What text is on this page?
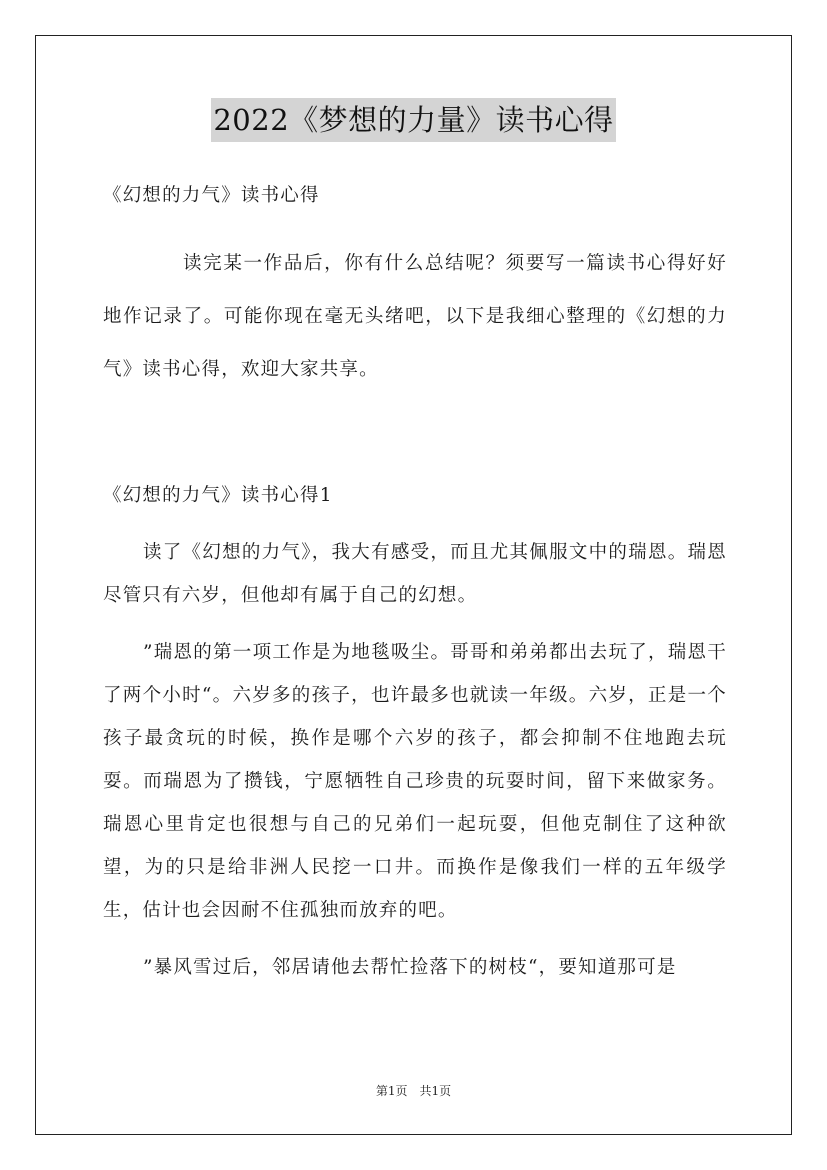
2022《梦想的力量》读书心得

《幻想的力气》读书心得

读完某一作品后，你有什么总结呢？须要写一篇读书心得好好地作记录了。可能你现在毫无头绪吧，以下是我细心整理的《幻想的力气》读书心得，欢迎大家共享。

《幻想的力气》读书心得1

读了《幻想的力气》，我大有感受，而且尤其佩服文中的瑞恩。瑞恩尽管只有六岁，但他却有属于自己的幻想。

”瑞恩的第一项工作是为地毯吸尘。哥哥和弟弟都出去玩了，瑞恩干了两个小时“。六岁多的孩子，也许最多也就读一年级。六岁，正是一个孩子最贪玩的时候，换作是哪个六岁的孩子，都会抑制不住地跑去玩耍。而瑞恩为了攒钱，宁愿牺牲自己珍贵的玩耍时间，留下来做家务。瑞恩心里肯定也很想与自己的兄弟们一起玩耍，但他克制住了这种欲望，为的只是给非洲人民挖一口井。而换作是像我们一样的五年级学生，估计也会因耐不住孤独而放弃的吧。

”暴风雪过后，邻居请他去帮忙捡落下的树枝“，要知道那可是

第1页　共1页
